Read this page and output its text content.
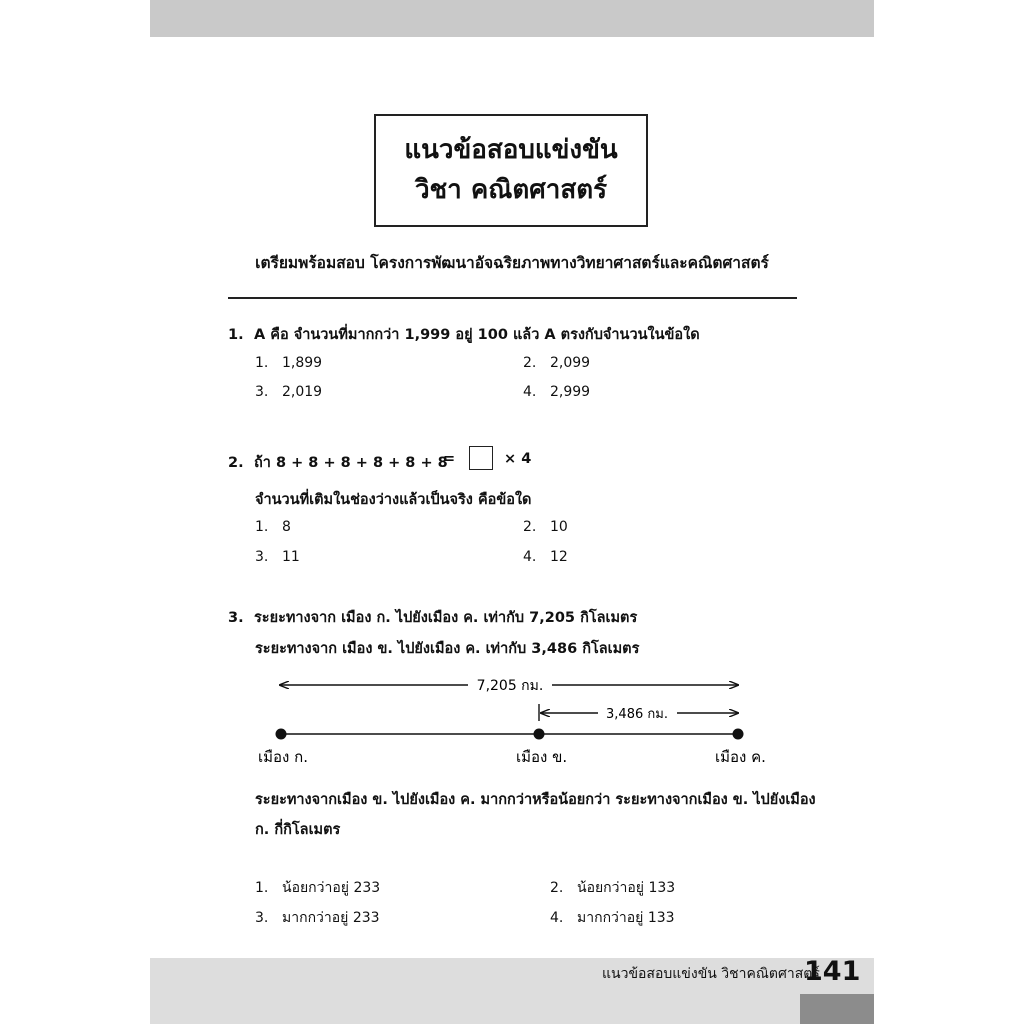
แนวข้อสอบแข่งขัน
วิชา คณิตศาสตร์
เตรียมพร้อมสอบ โครงการพัฒนาอัจฉริยภาพทางวิทยาศาสตร์และคณิตศาสตร์
1. A คือ จำนวนที่มากกว่า 1,999 อยู่ 100 แล้ว A ตรงกับจำนวนในข้อใด
1. 1,899	2. 2,099
3. 2,019	4. 2,999
2. ถ้า 8 + 8 + 8 + 8 + 8 + 8
=	× 4
จำนวนที่เติมในช่องว่างแล้วเป็นจริง คือข้อใด
1. 8	2. 10
3. 11	4. 12
3. ระยะทางจาก เมือง ก. ไปยังเมือง ค. เท่ากับ 7,205 กิโลเมตร
ระยะทางจาก เมือง ข. ไปยังเมือง ค. เท่ากับ 3,486 กิโลเมตร
7,205 กม.
3,486 กม.
เมือง ก.	เมือง ข.	เมือง ค.
ระยะทางจากเมือง ข. ไปยังเมือง ค. มากกว่าหรือน้อยกว่า ระยะทางจากเมือง ข. ไปยังเมือง
ก. กี่กิโลเมตร
1. น้อยกว่าอยู่ 233	2. น้อยกว่าอยู่ 133
3. มากกว่าอยู่ 233	4. มากกว่าอยู่ 133
แนวข้อสอบแข่งขัน วิชาคณิตศาสตร์
141
